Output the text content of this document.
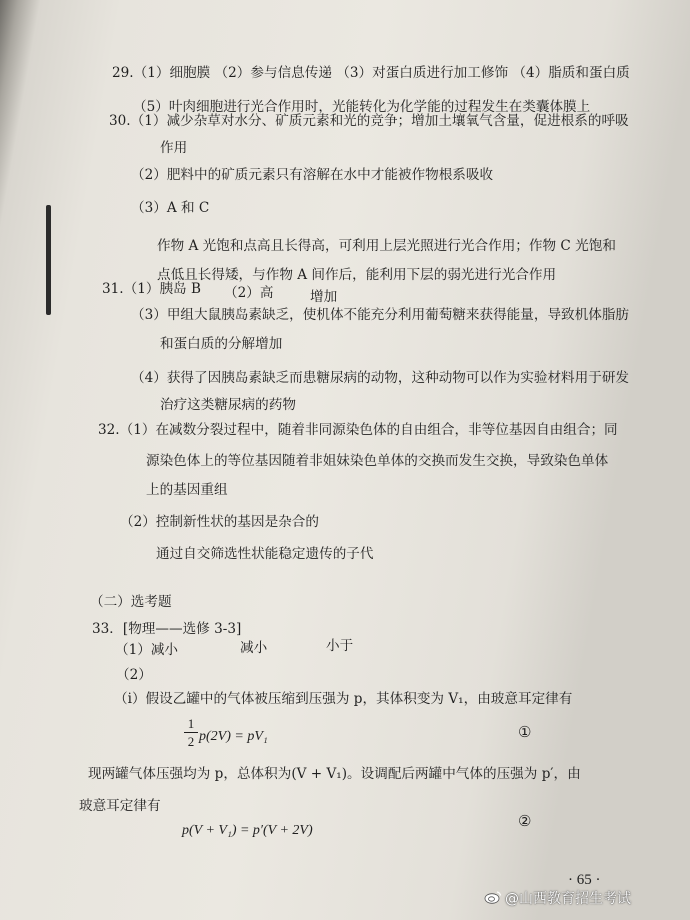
29.（1）细胞膜 （2）参与信息传递 （3）对蛋白质进行加工修饰 （4）脂质和蛋白质
（5）叶肉细胞进行光合作用时，光能转化为化学能的过程发生在类囊体膜上
30.（1）减少杂草对水分、矿质元素和光的竞争；增加土壤氧气含量，促进根系的呼吸
作用
（2）肥料中的矿质元素只有溶解在水中才能被作物根系吸收
（3）A 和 C
作物 A 光饱和点高且长得高，可利用上层光照进行光合作用；作物 C 光饱和
点低且长得矮，与作物 A 间作后，能利用下层的弱光进行光合作用
31.（1）胰岛 B （2）高	增加
（3）甲组大鼠胰岛素缺乏，使机体不能充分利用葡萄糖来获得能量，导致机体脂肪
和蛋白质的分解增加
（4）获得了因胰岛素缺乏而患糖尿病的动物，这种动物可以作为实验材料用于研发
治疗这类糖尿病的药物
32.（1）在减数分裂过程中，随着非同源染色体的自由组合，非等位基因自由组合；同
源染色体上的等位基因随着非姐妹染色单体的交换而发生交换，导致染色单体
上的基因重组
（2）控制新性状的基因是杂合的
通过自交筛选性状能稳定遗传的子代
（二）选考题
33．[物理——选修 3-3]
（1）减小	减小	小于
（2）
（i）假设乙罐中的气体被压缩到压强为 p，其体积变为 V₁，由玻意耳定律有
1
2 p(2V) = pV₁	①
现两罐气体压强均为 p，总体积为(V + V₁)。设调配后两罐中气体的压强为 p′，由
玻意耳定律有
p(V + V₁) = p′(V + 2V)
②
· 65 ·
@山西教育招生考试
